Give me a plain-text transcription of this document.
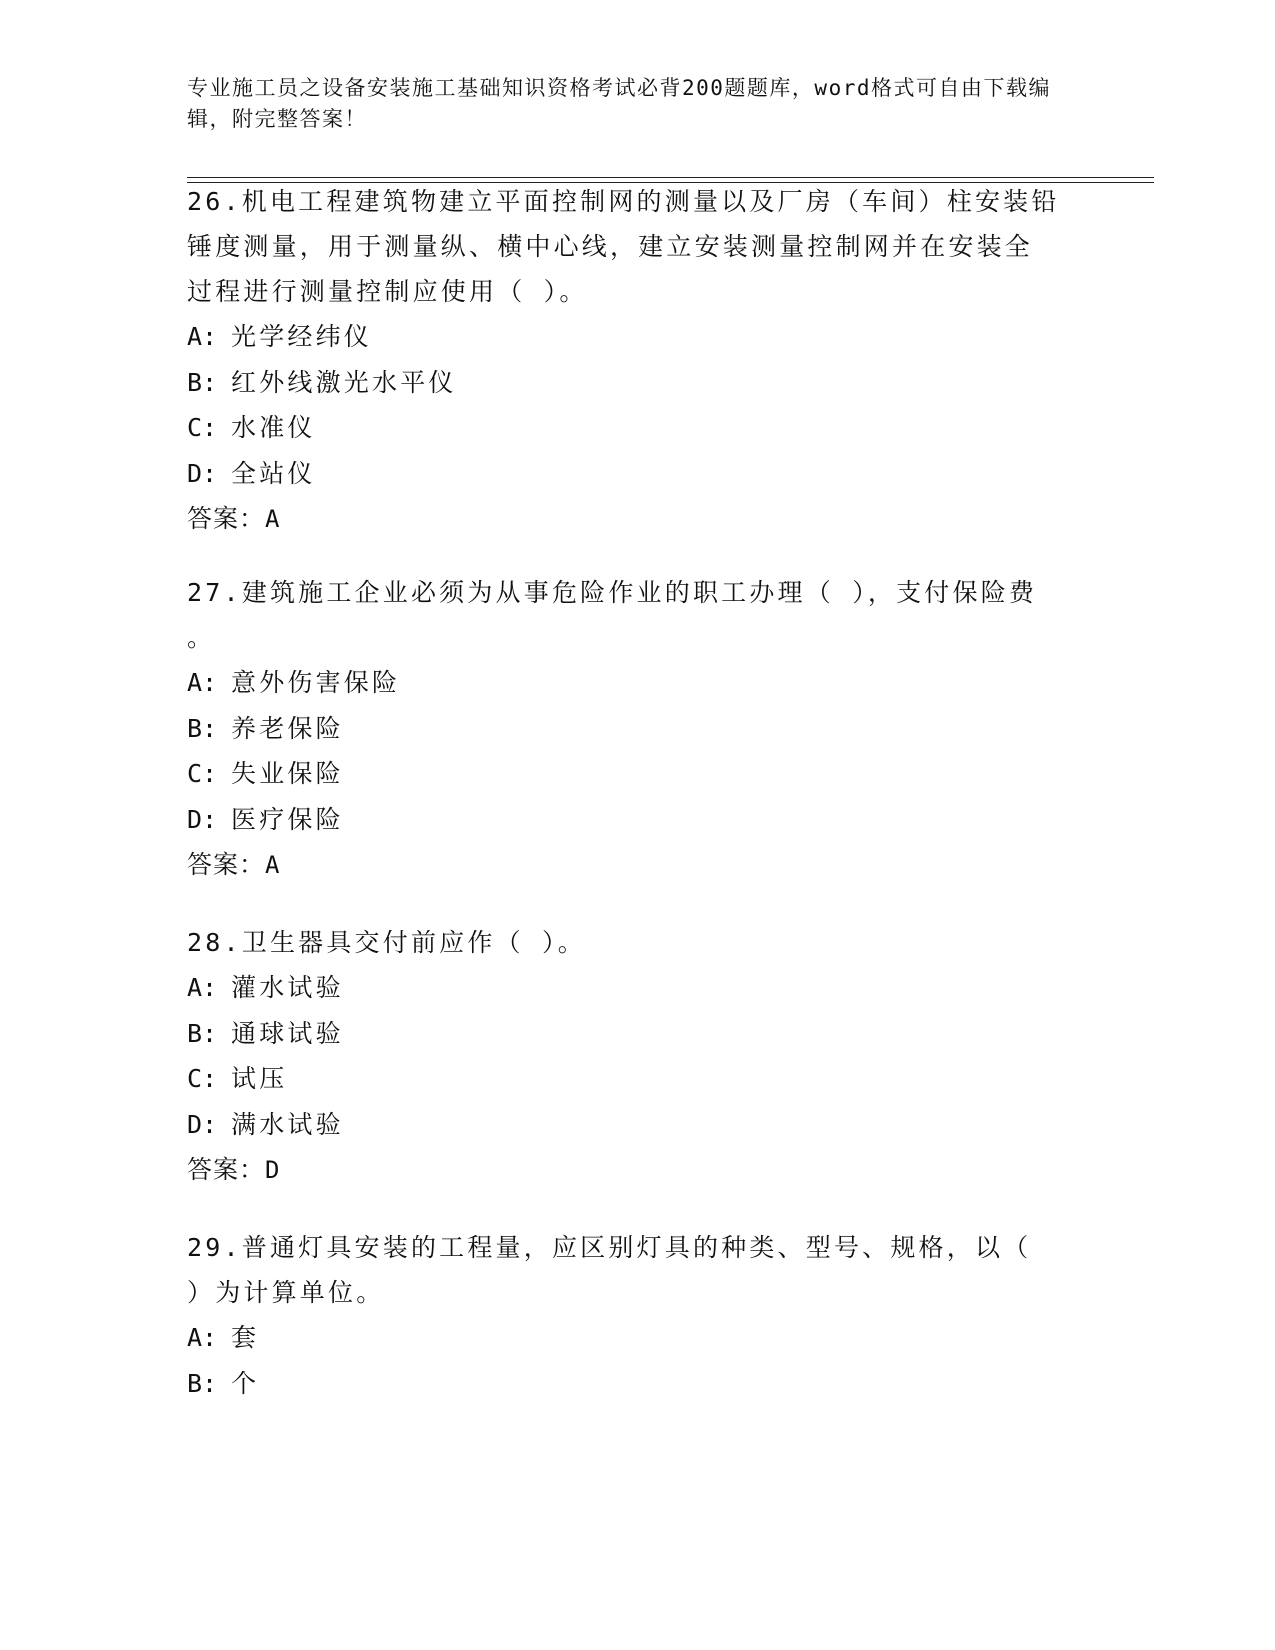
专业施工员之设备安装施工基础知识资格考试必背200题题库，word格式可自由下载编辑，附完整答案！

26.机电工程建筑物建立平面控制网的测量以及厂房（车间）柱安装铅

锤度测量，用于测量纵、横中心线，建立安装测量控制网并在安装全

过程进行测量控制应使用（ ）。

A: 光学经纬仪

B: 红外线激光水平仪

C: 水准仪

D: 全站仪

答案：A

27.建筑施工企业必须为从事危险作业的职工办理（ ），支付保险费

。

A: 意外伤害保险

B: 养老保险

C: 失业保险

D: 医疗保险

答案：A

28.卫生器具交付前应作（ ）。

A: 灌水试验

B: 通球试验

C: 试压

D: 满水试验

答案：D

29.普通灯具安装的工程量，应区别灯具的种类、型号、规格，以（

）为计算单位。

A: 套

B: 个
